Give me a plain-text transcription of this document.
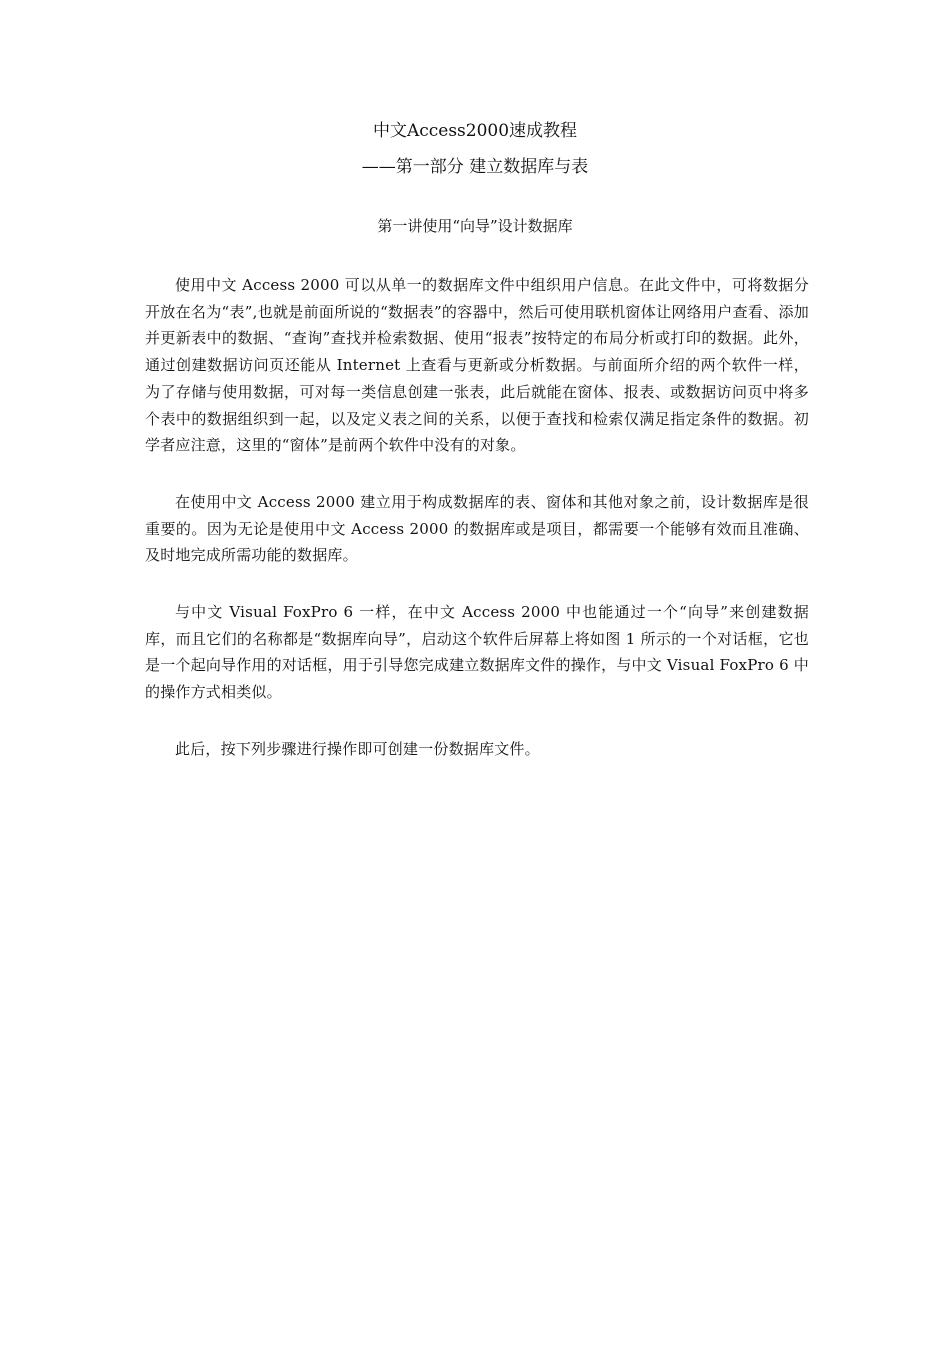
中文Access2000速成教程
——第一部分 建立数据库与表
第一讲使用“向导”设计数据库

使用中文 Access 2000 可以从单一的数据库文件中组织用户信息。在此文件中，可将数据分开放在名为“表”,也就是前面所说的“数据表”的容器中，然后可使用联机窗体让网络用户查看、添加并更新表中的数据、“查询”查找并检索数据、使用“报表”按特定的布局分析或打印的数据。此外，通过创建数据访问页还能从 Internet 上查看与更新或分析数据。与前面所介绍的两个软件一样，为了存储与使用数据，可对每一类信息创建一张表，此后就能在窗体、报表、或数据访问页中将多个表中的数据组织到一起，以及定义表之间的关系，以便于查找和检索仅满足指定条件的数据。初学者应注意，这里的“窗体”是前两个软件中没有的对象。

在使用中文 Access 2000 建立用于构成数据库的表、窗体和其他对象之前，设计数据库是很重要的。因为无论是使用中文 Access 2000 的数据库或是项目，都需要一个能够有效而且准确、及时地完成所需功能的数据库。

与中文 Visual FoxPro 6 一样，在中文 Access 2000 中也能通过一个“向导”来创建数据库，而且它们的名称都是“数据库向导”，启动这个软件后屏幕上将如图 1 所示的一个对话框，它也是一个起向导作用的对话框，用于引导您完成建立数据库文件的操作，与中文 Visual FoxPro 6 中的操作方式相类似。

此后，按下列步骤进行操作即可创建一份数据库文件。
